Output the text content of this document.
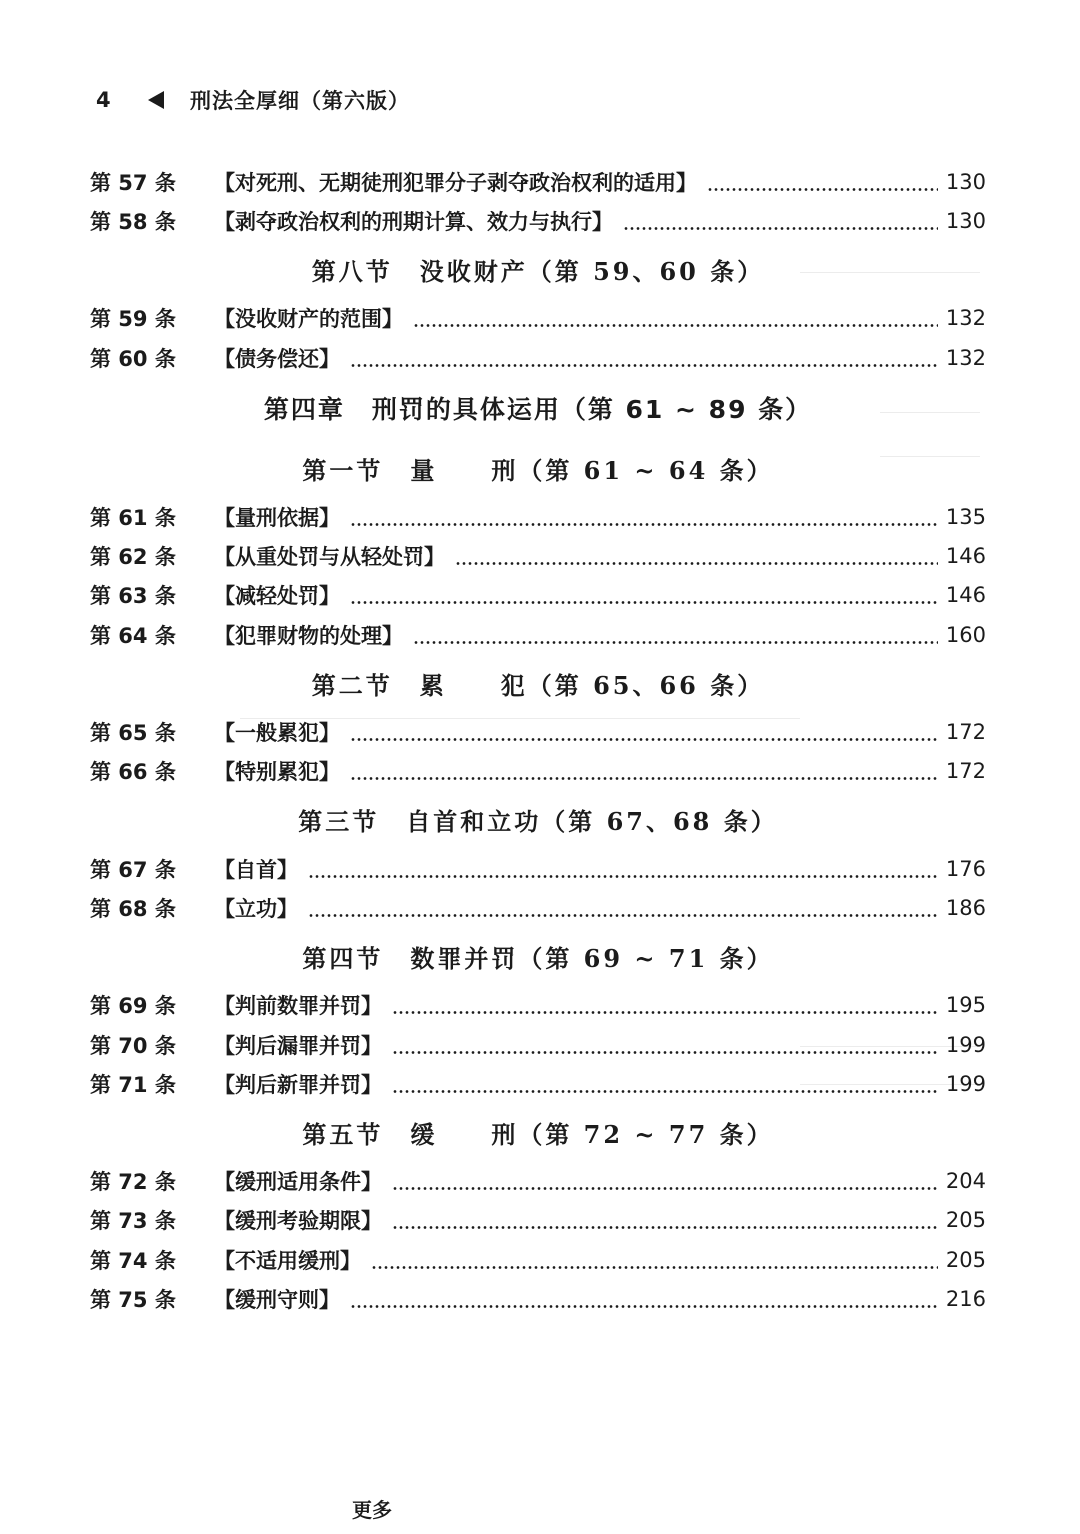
4	刑法全厚细（第六版）
第 57 条	【对死刑、无期徒刑犯罪分子剥夺政治权利的适用】	130
第 58 条	【剥夺政治权利的刑期计算、效力与执行】	130
第八节　没收财产（第 59、60 条）
第 59 条	【没收财产的范围】	132
第 60 条	【债务偿还】	132
第四章　刑罚的具体运用（第 61 ~ 89 条）
第一节　量　　刑（第 61 ~ 64 条）
第 61 条	【量刑依据】	135
第 62 条	【从重处罚与从轻处罚】	146
第 63 条	【减轻处罚】	146
第 64 条	【犯罪财物的处理】	160
第二节　累　　犯（第 65、66 条）
第 65 条	【一般累犯】	172
第 66 条	【特别累犯】	172
第三节　自首和立功（第 67、68 条）
第 67 条	【自首】	176
第 68 条	【立功】	186
第四节　数罪并罚（第 69 ~ 71 条）
第 69 条	【判前数罪并罚】	195
第 70 条	【判后漏罪并罚】	199
第 71 条	【判后新罪并罚】	199
第五节　缓　　刑（第 72 ~ 77 条）
第 72 条	【缓刑适用条件】	204
第 73 条	【缓刑考验期限】	205
第 74 条	【不适用缓刑】	205
第 75 条	【缓刑守则】	216
更多
